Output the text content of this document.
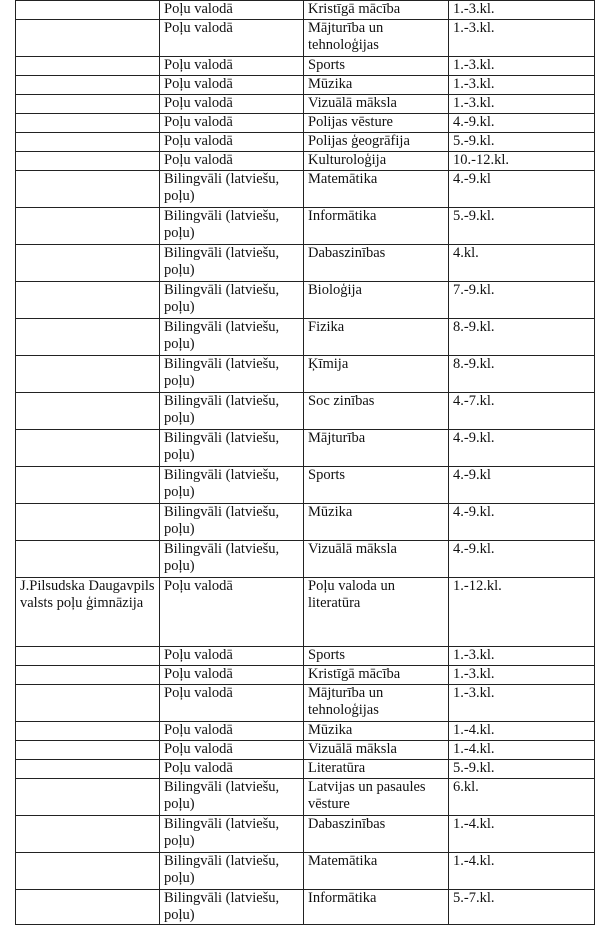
	Poļu valodā	Kristīgā mācība	1.-3.kl.
	Poļu valodā	Mājturība un tehnoloģijas	1.-3.kl.
	Poļu valodā	Sports	1.-3.kl.
	Poļu valodā	Mūzika	1.-3.kl.
	Poļu valodā	Vizuālā māksla	1.-3.kl.
	Poļu valodā	Polijas vēsture	4.-9.kl.
	Poļu valodā	Polijas ģeogrāfija	5.-9.kl.
	Poļu valodā	Kulturoloģija	10.-12.kl.
	Bilingvāli (latviešu, poļu)	Matemātika	4.-9.kl
	Bilingvāli (latviešu, poļu)	Informātika	5.-9.kl.
	Bilingvāli (latviešu, poļu)	Dabaszinības	4.kl.
	Bilingvāli (latviešu, poļu)	Bioloģija	7.-9.kl.
	Bilingvāli (latviešu, poļu)	Fizika	8.-9.kl.
	Bilingvāli (latviešu, poļu)	Ķīmija	8.-9.kl.
	Bilingvāli (latviešu, poļu)	Soc zinības	4.-7.kl.
	Bilingvāli (latviešu, poļu)	Mājturība	4.-9.kl.
	Bilingvāli (latviešu, poļu)	Sports	4.-9.kl
	Bilingvāli (latviešu, poļu)	Mūzika	4.-9.kl.
	Bilingvāli (latviešu, poļu)	Vizuālā māksla	4.-9.kl.
J.Pilsudska Daugavpils valsts poļu ģimnāzija	Poļu valodā	Poļu valoda un literatūra	1.-12.kl.
	Poļu valodā	Sports	1.-3.kl.
	Poļu valodā	Kristīgā mācība	1.-3.kl.
	Poļu valodā	Mājturība un tehnoloģijas	1.-3.kl.
	Poļu valodā	Mūzika	1.-4.kl.
	Poļu valodā	Vizuālā māksla	1.-4.kl.
	Poļu valodā	Literatūra	5.-9.kl.
	Bilingvāli (latviešu, poļu)	Latvijas un pasaules vēsture	6.kl.
	Bilingvāli (latviešu, poļu)	Dabaszinības	1.-4.kl.
	Bilingvāli (latviešu, poļu)	Matemātika	1.-4.kl.
	Bilingvāli (latviešu, poļu)	Informātika	5.-7.kl.
